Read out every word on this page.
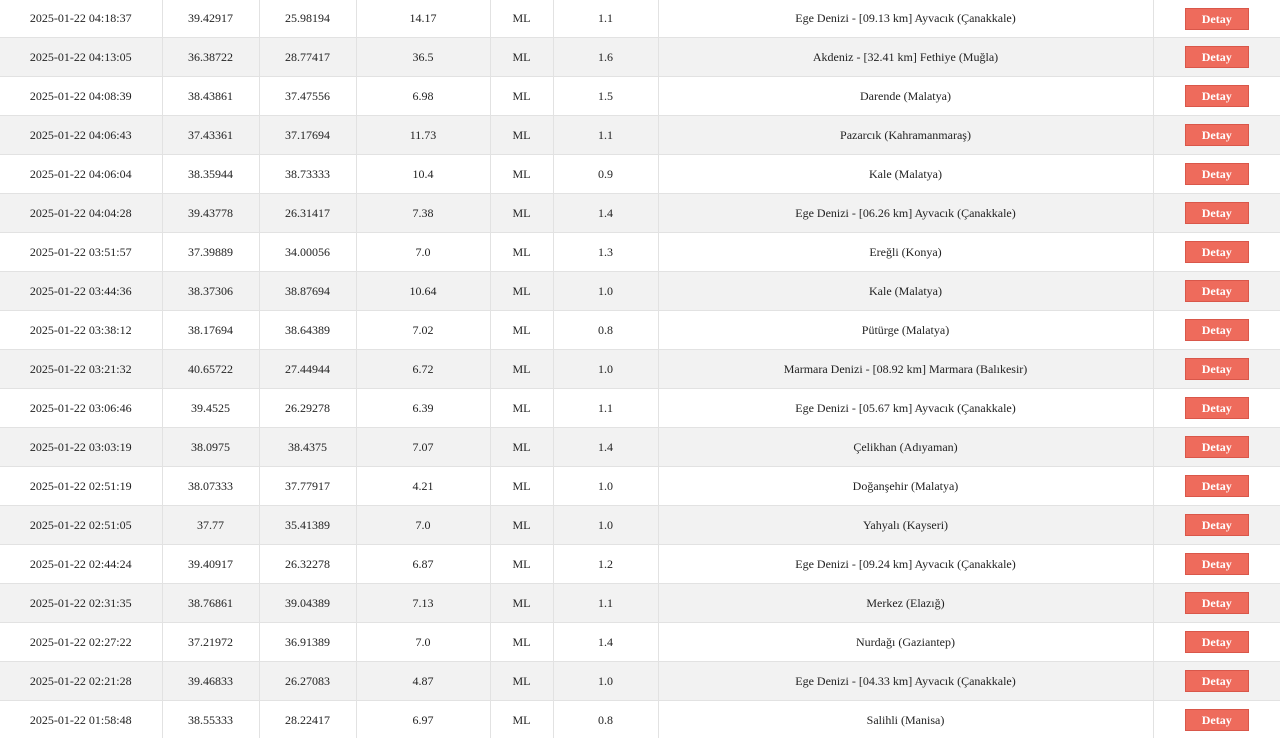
2025-01-22 04:18:37	39.42917	25.98194	14.17	ML	1.1	Ege Denizi - [09.13 km] Ayvacık (Çanakkale)	Detay
2025-01-22 04:13:05	36.38722	28.77417	36.5	ML	1.6	Akdeniz - [32.41 km] Fethiye (Muğla)	Detay
2025-01-22 04:08:39	38.43861	37.47556	6.98	ML	1.5	Darende (Malatya)	Detay
2025-01-22 04:06:43	37.43361	37.17694	11.73	ML	1.1	Pazarcık (Kahramanmaraş)	Detay
2025-01-22 04:06:04	38.35944	38.73333	10.4	ML	0.9	Kale (Malatya)	Detay
2025-01-22 04:04:28	39.43778	26.31417	7.38	ML	1.4	Ege Denizi - [06.26 km] Ayvacık (Çanakkale)	Detay
2025-01-22 03:51:57	37.39889	34.00056	7.0	ML	1.3	Ereğli (Konya)	Detay
2025-01-22 03:44:36	38.37306	38.87694	10.64	ML	1.0	Kale (Malatya)	Detay
2025-01-22 03:38:12	38.17694	38.64389	7.02	ML	0.8	Pütürge (Malatya)	Detay
2025-01-22 03:21:32	40.65722	27.44944	6.72	ML	1.0	Marmara Denizi - [08.92 km] Marmara (Balıkesir)	Detay
2025-01-22 03:06:46	39.4525	26.29278	6.39	ML	1.1	Ege Denizi - [05.67 km] Ayvacık (Çanakkale)	Detay
2025-01-22 03:03:19	38.0975	38.4375	7.07	ML	1.4	Çelikhan (Adıyaman)	Detay
2025-01-22 02:51:19	38.07333	37.77917	4.21	ML	1.0	Doğanşehir (Malatya)	Detay
2025-01-22 02:51:05	37.77	35.41389	7.0	ML	1.0	Yahyalı (Kayseri)	Detay
2025-01-22 02:44:24	39.40917	26.32278	6.87	ML	1.2	Ege Denizi - [09.24 km] Ayvacık (Çanakkale)	Detay
2025-01-22 02:31:35	38.76861	39.04389	7.13	ML	1.1	Merkez (Elazığ)	Detay
2025-01-22 02:27:22	37.21972	36.91389	7.0	ML	1.4	Nurdağı (Gaziantep)	Detay
2025-01-22 02:21:28	39.46833	26.27083	4.87	ML	1.0	Ege Denizi - [04.33 km] Ayvacık (Çanakkale)	Detay
2025-01-22 01:58:48	38.55333	28.22417	6.97	ML	0.8	Salihli (Manisa)	Detay
